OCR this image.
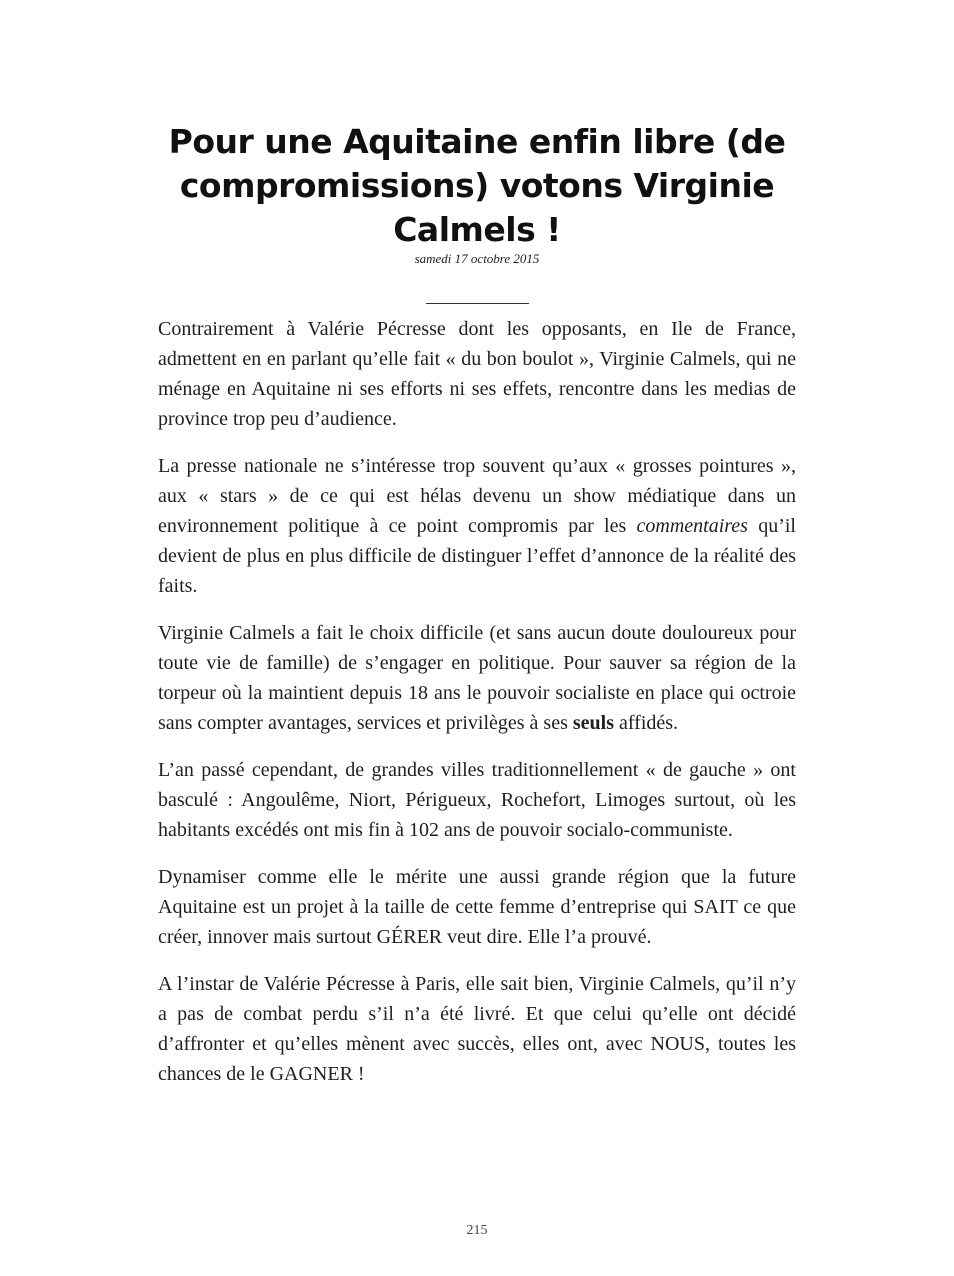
Pour une Aquitaine enfin libre (de compromissions) votons Virginie Calmels !
samedi 17 octobre 2015

Contrairement à Valérie Pécresse dont les opposants, en Ile de France, admettent en en parlant qu’elle fait « du bon boulot », Virginie Calmels, qui ne ménage en Aquitaine ni ses efforts ni ses effets, rencontre dans les medias de province trop peu d’audience.

La presse nationale ne s’intéresse trop souvent qu’aux « grosses pointures », aux « stars » de ce qui est hélas devenu un show médiatique dans un environnement politique à ce point compromis par les commentaires qu’il devient de plus en plus difficile de distinguer l’effet d’annonce de la réalité des faits.

Virginie Calmels a fait le choix difficile (et sans aucun doute douloureux pour toute vie de famille) de s’engager en politique. Pour sauver sa région de la torpeur où la maintient depuis 18 ans le pouvoir socialiste en place qui octroie sans compter avantages, services et privilèges à ses seuls affidés.

L’an passé cependant, de grandes villes traditionnellement « de gauche » ont basculé : Angoulême, Niort, Périgueux, Rochefort, Limoges surtout, où les habitants excédés ont mis fin à 102 ans de pouvoir socialo-communiste.

Dynamiser comme elle le mérite une aussi grande région que la future Aquitaine est un projet à la taille de cette femme d’entreprise qui SAIT ce que créer, innover mais surtout GÉRER veut dire. Elle l’a prouvé.

A l’instar de Valérie Pécresse à Paris, elle sait bien, Virginie Calmels, qu’il n’y a pas de combat perdu s’il n’a été livré. Et que celui qu’elle ont décidé d’affronter et qu’elles mènent avec succès, elles ont, avec NOUS, toutes les chances de le GAGNER !

215
